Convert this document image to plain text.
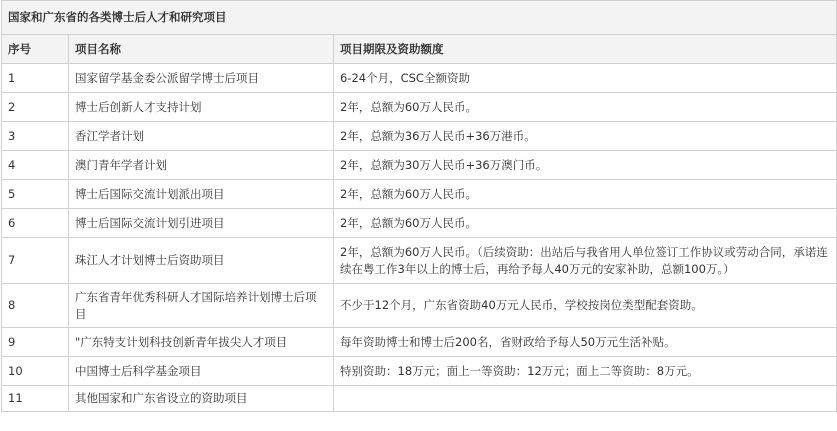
国家和广东省的各类博士后人才和研究项目		
序号	项目名称	项目期限及资助额度
1	国家留学基金委公派留学博士后项目	6-24个月，CSC全额资助
2	博士后创新人才支持计划	2年，总额为60万人民币。
3	香江学者计划	2年，总额为36万人民币+36万港币。
4	澳门青年学者计划	2年，总额为30万人民币+36万澳门币。
5	博士后国际交流计划派出项目	2年，总额为60万人民币。
6	博士后国际交流计划引进项目	2年，总额为60万人民币。
7	珠江人才计划博士后资助项目	2年，总额为60万人民币。（后续资助：出站后与我省用人单位签订工作协议或劳动合同，承诺连续在粤工作3年以上的博士后，再给予每人40万元的安家补助，总额100万。）
8	广东省青年优秀科研人才国际培养计划博士后项目	不少于12个月，广东省资助40万元人民币，学校按岗位类型配套资助。
9	"广东特支计划科技创新青年拔尖人才项目	每年资助博士和博士后200名，省财政给予每人50万元生活补贴。
10	中国博士后科学基金项目	特别资助：18万元；面上一等资助：12万元；面上二等资助：8万元。
11	其他国家和广东省设立的资助项目	
